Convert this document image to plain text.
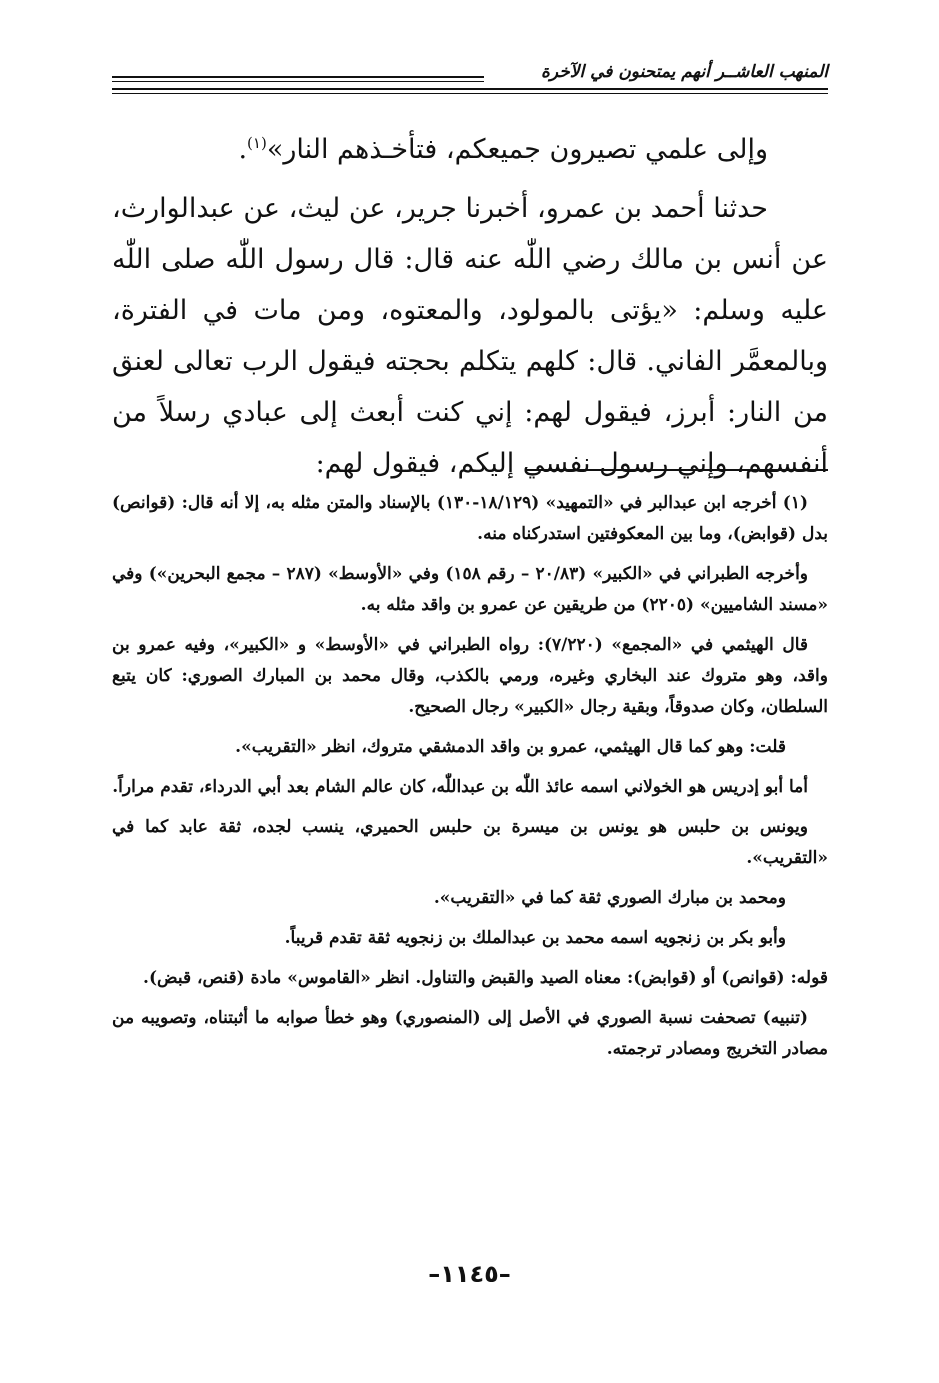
المنهب العاشــر أنهم يمتحنون في الآخرة

وإلى علمي تصيرون جميعكم، فتأخـذهم النار»$^{(١)}$.

حدثنا أحمد بن عمرو، أخبرنا جرير، عن ليث، عن عبدالوارث، عن أنس بن مالك رضي اللّٰه عنه قال: قال رسول اللّٰه صلى اللّٰه عليه وسلم: «يؤتى بالمولود، والمعتوه، ومن مات في الفترة، وبالمعمَّر الفاني. قال: كلهم يتكلم بحجته فيقول الرب تعالى لعنق من النار: أبرز، فيقول لهم: إني كنت أبعث إلى عبادي رسلاً من أنفسهم، وإني رسول نفسي إليكم، فيقول لهم:

(١) أخرجه ابن عبدالبر في «التمهيد» (١٨/١٢٩-١٣٠) بالإسناد والمتن مثله به، إلا أنه قال: (قوانص) بدل (قوابض)، وما بين المعكوفتين استدركناه منه.

وأخرجه الطبراني في «الكبير» (٢٠/٨٣ – رقم ١٥٨) وفي «الأوسط» (٢٨٧ – مجمع البحرين») وفي «مسند الشاميين» (٢٢٠٥) من طريقين عن عمرو بن واقد مثله به.

قال الهيثمي في «المجمع» (٧/٢٢٠): رواه الطبراني في «الأوسط» و «الكبير»، وفيه عمرو بن واقد، وهو متروك عند البخاري وغيره، ورمي بالكذب، وقال محمد بن المبارك الصوري: كان يتبع السلطان، وكان صدوقاً، وبقية رجال «الكبير» رجال الصحيح.

قلت: وهو كما قال الهيثمي، عمرو بن واقد الدمشقي متروك، انظر «التقريب».

أما أبو إدريس هو الخولاني اسمه عائذ اللّٰه بن عبداللّٰه، كان عالم الشام بعد أبي الدرداء، تقدم مراراً.

ويونس بن حلبس هو يونس بن ميسرة بن حلبس الحميري، ينسب لجده، ثقة عابد كما في «التقريب».

ومحمد بن مبارك الصوري ثقة كما في «التقريب».

وأبو بكر بن زنجويه اسمه محمد بن عبدالملك بن زنجويه ثقة تقدم قريباً.

قوله: (قوانص) أو (قوابض): معناه الصيد والقبض والتناول. انظر «القاموس» مادة (قنص، قبض).

(تنبيه) تصحفت نسبة الصوري في الأصل إلى (المنصوري) وهو خطأ صوابه ما أثبتناه، وتصويبه من مصادر التخريج ومصادر ترجمته.

–١١٤٥–
